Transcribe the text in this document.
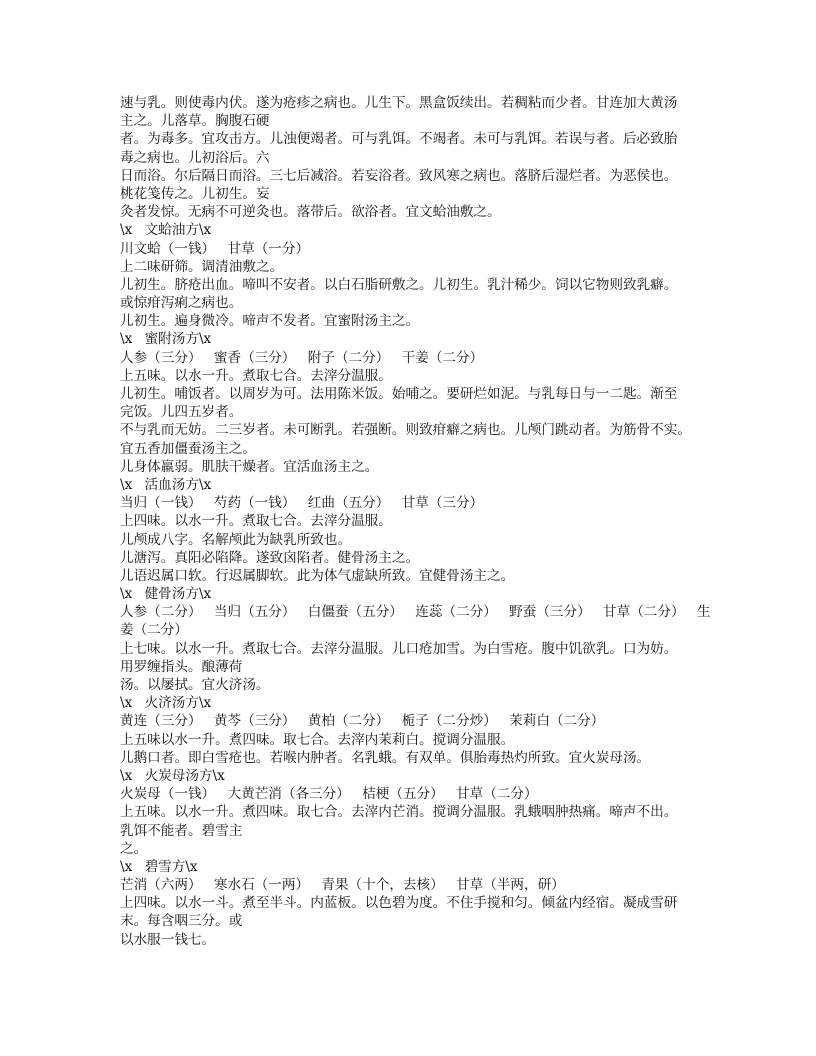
速与乳。则使毒内伏。遂为疮疹之病也。儿生下。黑盒饭续出。若稠粘而少者。甘连加大黄汤
主之。儿落草。胸腹石硬
者。为毒多。宜攻击方。儿浊便竭者。可与乳饵。不竭者。未可与乳饵。若误与者。后必致胎
毒之病也。儿初浴后。六
日而浴。尔后隔日而浴。三七后减浴。若妄浴者。致风寒之病也。落脐后湿烂者。为恶侯也。
桃花笺传之。儿初生。妄
灸者发惊。无病不可逆灸也。落带后。欲浴者。宜文蛤油敷之。
\x 文蛤油方\x
川文蛤（一钱） 甘草（一分）
上二味研筛。调清油敷之。
儿初生。脐疮出血。啼叫不安者。以白石脂研敷之。儿初生。乳汁稀少。饲以它物则致乳癖。
或惊疳泻痢之病也。
儿初生。遍身微冷。啼声不发者。宜蜜附汤主之。
\x 蜜附汤方\x
人参（三分） 蜜香（三分） 附子（二分） 干姜（二分）
上五味。以水一升。煮取七合。去滓分温服。
儿初生。哺饭者。以周岁为可。法用陈米饭。始哺之。要研烂如泥。与乳每日与一二匙。渐至
完饭。儿四五岁者。
不与乳而无妨。二三岁者。未可断乳。若强断。则致疳癖之病也。儿颅门跳动者。为筋骨不实。
宜五香加僵蚕汤主之。
儿身体羸弱。肌肤干燥者。宜活血汤主之。
\x 活血汤方\x
当归（一钱） 芍药（一钱） 红曲（五分） 甘草（三分）
上四味。以水一升。煮取七合。去滓分温服。
儿颅成八字。名解颅此为缺乳所致也。
儿溏泻。真阳必陷降。遂致囟陷者。健骨汤主之。
儿语迟属口软。行迟属脚软。此为体气虚缺所致。宜健骨汤主之。
\x 健骨汤方\x
人参（二分） 当归（五分） 白僵蚕（五分） 连蕊（二分） 野蚕（三分） 甘草（二分） 生
姜（二分）
上七味。以水一升。煮取七合。去滓分温服。儿口疮加雪。为白雪疮。腹中饥欲乳。口为妨。
用罗缠指头。酿薄荷
汤。以屡拭。宜火济汤。
\x 火济汤方\x
黄连（三分） 黄芩（三分） 黄柏（二分） 栀子（二分炒） 茉莉白（二分）
上五味以水一升。煮四味。取七合。去滓内茉莉白。搅调分温服。
儿鹅口者。即白雪疮也。若喉内肿者。名乳蛾。有双单。俱胎毒热灼所致。宜火炭母汤。
\x 火炭母汤方\x
火炭母（一钱） 大黄芒消（各三分） 桔梗（五分） 甘草（二分）
上五味。以水一升。煮四味。取七合。去滓内芒消。搅调分温服。乳蛾咽肿热痛。啼声不出。
乳饵不能者。碧雪主
之。
\x 碧雪方\x
芒消（六两） 寒水石（一两） 青果（十个，去核） 甘草（半两，研）
上四味。以水一斗。煮至半斗。内蓝板。以色碧为度。不住手搅和匀。倾盆内经宿。凝成雪研
末。每含咽三分。或
以水服一钱七。
